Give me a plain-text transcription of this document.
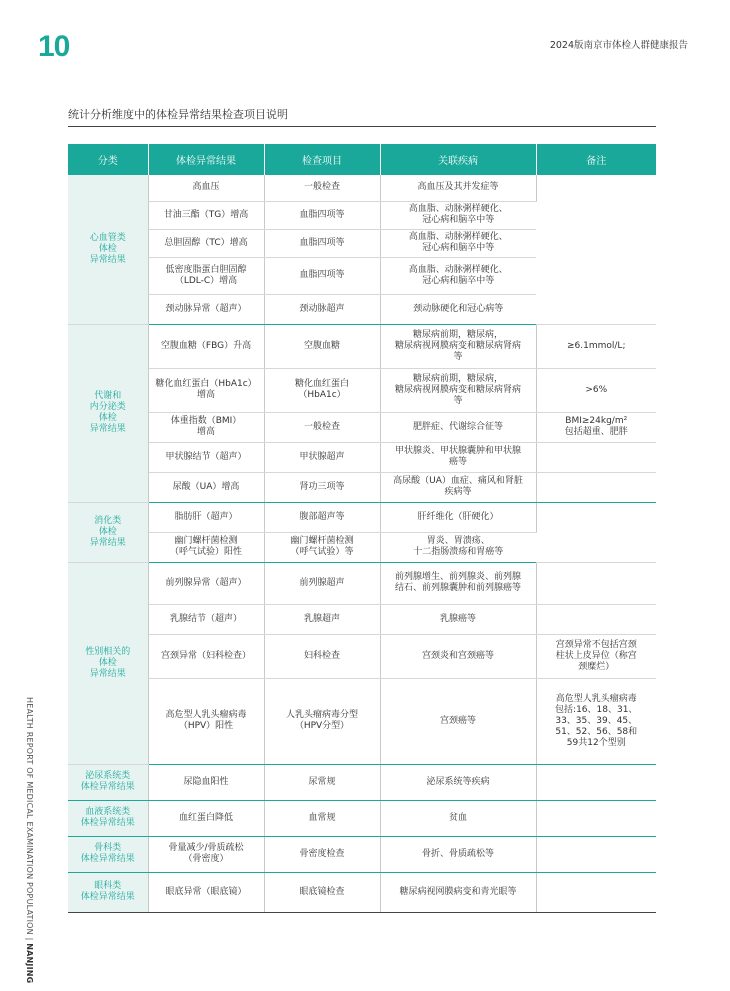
10	2024版南京市体检人群健康报告
统计分析维度中的体检异常结果检查项目说明
HEALTH REPORT OF MEDICAL EXAMINATION POPULATION | NANJING
分类	体检异常结果	检查项目	关联疾病	备注
心血管类
体检
异常结果	高血压	一般检查	高血压及其并发症等	
	甘油三酯（TG）增高	血脂四项等	高血脂、动脉粥样硬化、
冠心病和脑卒中等	
	总胆固醇（TC）增高	血脂四项等	高血脂、动脉粥样硬化、
冠心病和脑卒中等	
	低密度脂蛋白胆固醇
（LDL-C）增高	血脂四项等	高血脂、动脉粥样硬化、
冠心病和脑卒中等	
	颈动脉异常（超声）	颈动脉超声	颈动脉硬化和冠心病等	
代谢和
内分泌类
体检
异常结果	空腹血糖（FBG）升高	空腹血糖	糖尿病前期，糖尿病，
糖尿病视网膜病变和糖尿病肾病
等	≥6.1mmol/L;
	糖化血红蛋白（HbA1c）
增高	糖化血红蛋白
（HbA1c）	糖尿病前期，糖尿病，
糖尿病视网膜病变和糖尿病肾病
等	>6%
	体重指数（BMI）
增高	一般检查	肥胖症、代谢综合征等	BMI≥24kg/m²
包括超重、肥胖
	甲状腺结节（超声）	甲状腺超声	甲状腺炎、甲状腺囊肿和甲状腺
癌等	
	尿酸（UA）增高	肾功三项等	高尿酸（UA）血症、痛风和肾脏
疾病等	
消化类
体检
异常结果	脂肪肝（超声）	腹部超声等	肝纤维化（肝硬化）	
	幽门螺杆菌检测
（呼气试验）阳性	幽门螺杆菌检测
（呼气试验）等	胃炎、胃溃疡、
十二指肠溃疡和胃癌等	
性别相关的
体检
异常结果	前列腺异常（超声）	前列腺超声	前列腺增生、前列腺炎、前列腺
结石、前列腺囊肿和前列腺癌等	
	乳腺结节（超声）	乳腺超声	乳腺癌等	
	宫颈异常（妇科检查）	妇科检查	宫颈炎和宫颈癌等	宫颈异常不包括宫颈
柱状上皮异位（称宫
颈糜烂）
	高危型人乳头瘤病毒
（HPV）阳性	人乳头瘤病毒分型
（HPV分型）	宫颈癌等	高危型人乳头瘤病毒
包括:16、18、31、
33、35、39、45、
51、52、56、58和
59共12个型别
泌尿系统类
体检异常结果	尿隐血阳性	尿常规	泌尿系统等疾病	
血液系统类
体检异常结果	血红蛋白降低	血常规	贫血	
骨科类
体检异常结果	骨量减少/骨质疏松
（骨密度）	骨密度检查	骨折、骨质疏松等	
眼科类
体检异常结果	眼底异常（眼底镜）	眼底镜检查	糖尿病视网膜病变和青光眼等	
